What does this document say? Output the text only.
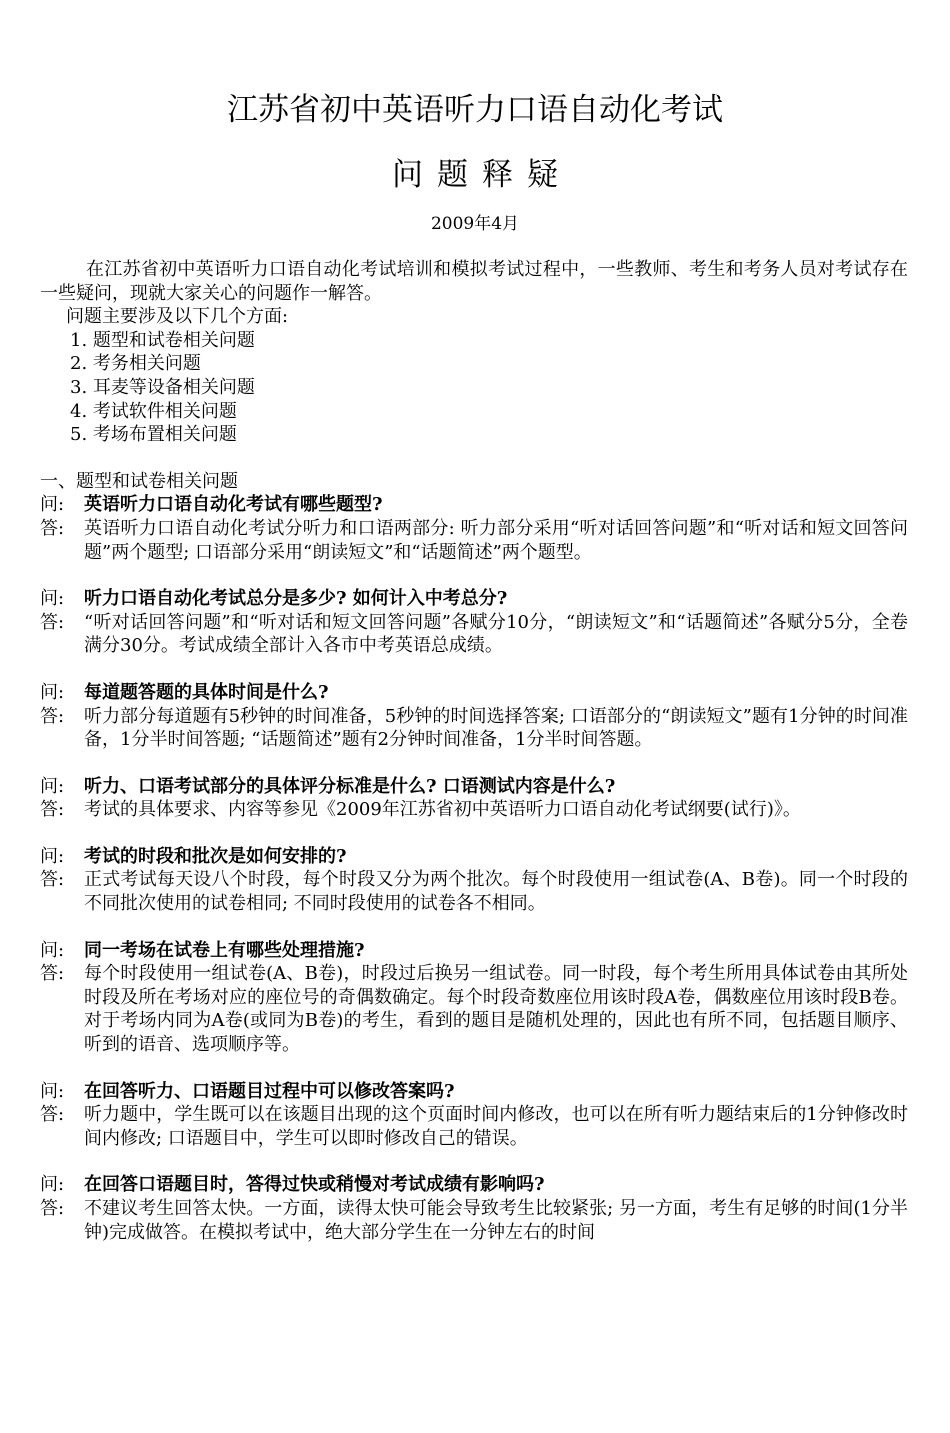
江苏省初中英语听力口语自动化考试
问题释疑
2009年4月

在江苏省初中英语听力口语自动化考试培训和模拟考试过程中，一些教师、考生和考务人员对考试存在一些疑问，现就大家关心的问题作一解答。

问题主要涉及以下几个方面:

1. 题型和试卷相关问题
2. 考务相关问题
3. 耳麦等设备相关问题
4. 考试软件相关问题
5. 考场布置相关问题

一、题型和试卷相关问题

问:	英语听力口语自动化考试有哪些题型?
答:	英语听力口语自动化考试分听力和口语两部分: 听力部分采用“听对话回答问题”和“听对话和短文回答问题”两个题型; 口语部分采用“朗读短文”和“话题简述”两个题型。
问:	听力口语自动化考试总分是多少? 如何计入中考总分?
答:	“听对话回答问题”和“听对话和短文回答问题”各赋分10分，“朗读短文”和“话题简述”各赋分5分，全卷满分30分。考试成绩全部计入各市中考英语总成绩。
问:	每道题答题的具体时间是什么?
答:	听力部分每道题有5秒钟的时间准备，5秒钟的时间选择答案; 口语部分的“朗读短文”题有1分钟的时间准备，1分半时间答题; “话题简述”题有2分钟时间准备，1分半时间答题。
问:	听力、口语考试部分的具体评分标准是什么? 口语测试内容是什么?
答:	考试的具体要求、内容等参见《2009年江苏省初中英语听力口语自动化考试纲要(试行)》。
问:	考试的时段和批次是如何安排的?
答:	正式考试每天设八个时段，每个时段又分为两个批次。每个时段使用一组试卷(A、B卷)。同一个时段的不同批次使用的试卷相同; 不同时段使用的试卷各不相同。
问:	同一考场在试卷上有哪些处理措施?
答:	每个时段使用一组试卷(A、B卷)，时段过后换另一组试卷。同一时段，每个考生所用具体试卷由其所处时段及所在考场对应的座位号的奇偶数确定。每个时段奇数座位用该时段A卷，偶数座位用该时段B卷。对于考场内同为A卷(或同为B卷)的考生，看到的题目是随机处理的，因此也有所不同，包括题目顺序、听到的语音、选项顺序等。
问:	在回答听力、口语题目过程中可以修改答案吗?
答:	听力题中，学生既可以在该题目出现的这个页面时间内修改，也可以在所有听力题结束后的1分钟修改时间内修改; 口语题目中，学生可以即时修改自己的错误。
问:	在回答口语题目时，答得过快或稍慢对考试成绩有影响吗?
答:	不建议考生回答太快。一方面，读得太快可能会导致考生比较紧张; 另一方面，考生有足够的时间(1分半钟)完成做答。在模拟考试中，绝大部分学生在一分钟左右的时间
